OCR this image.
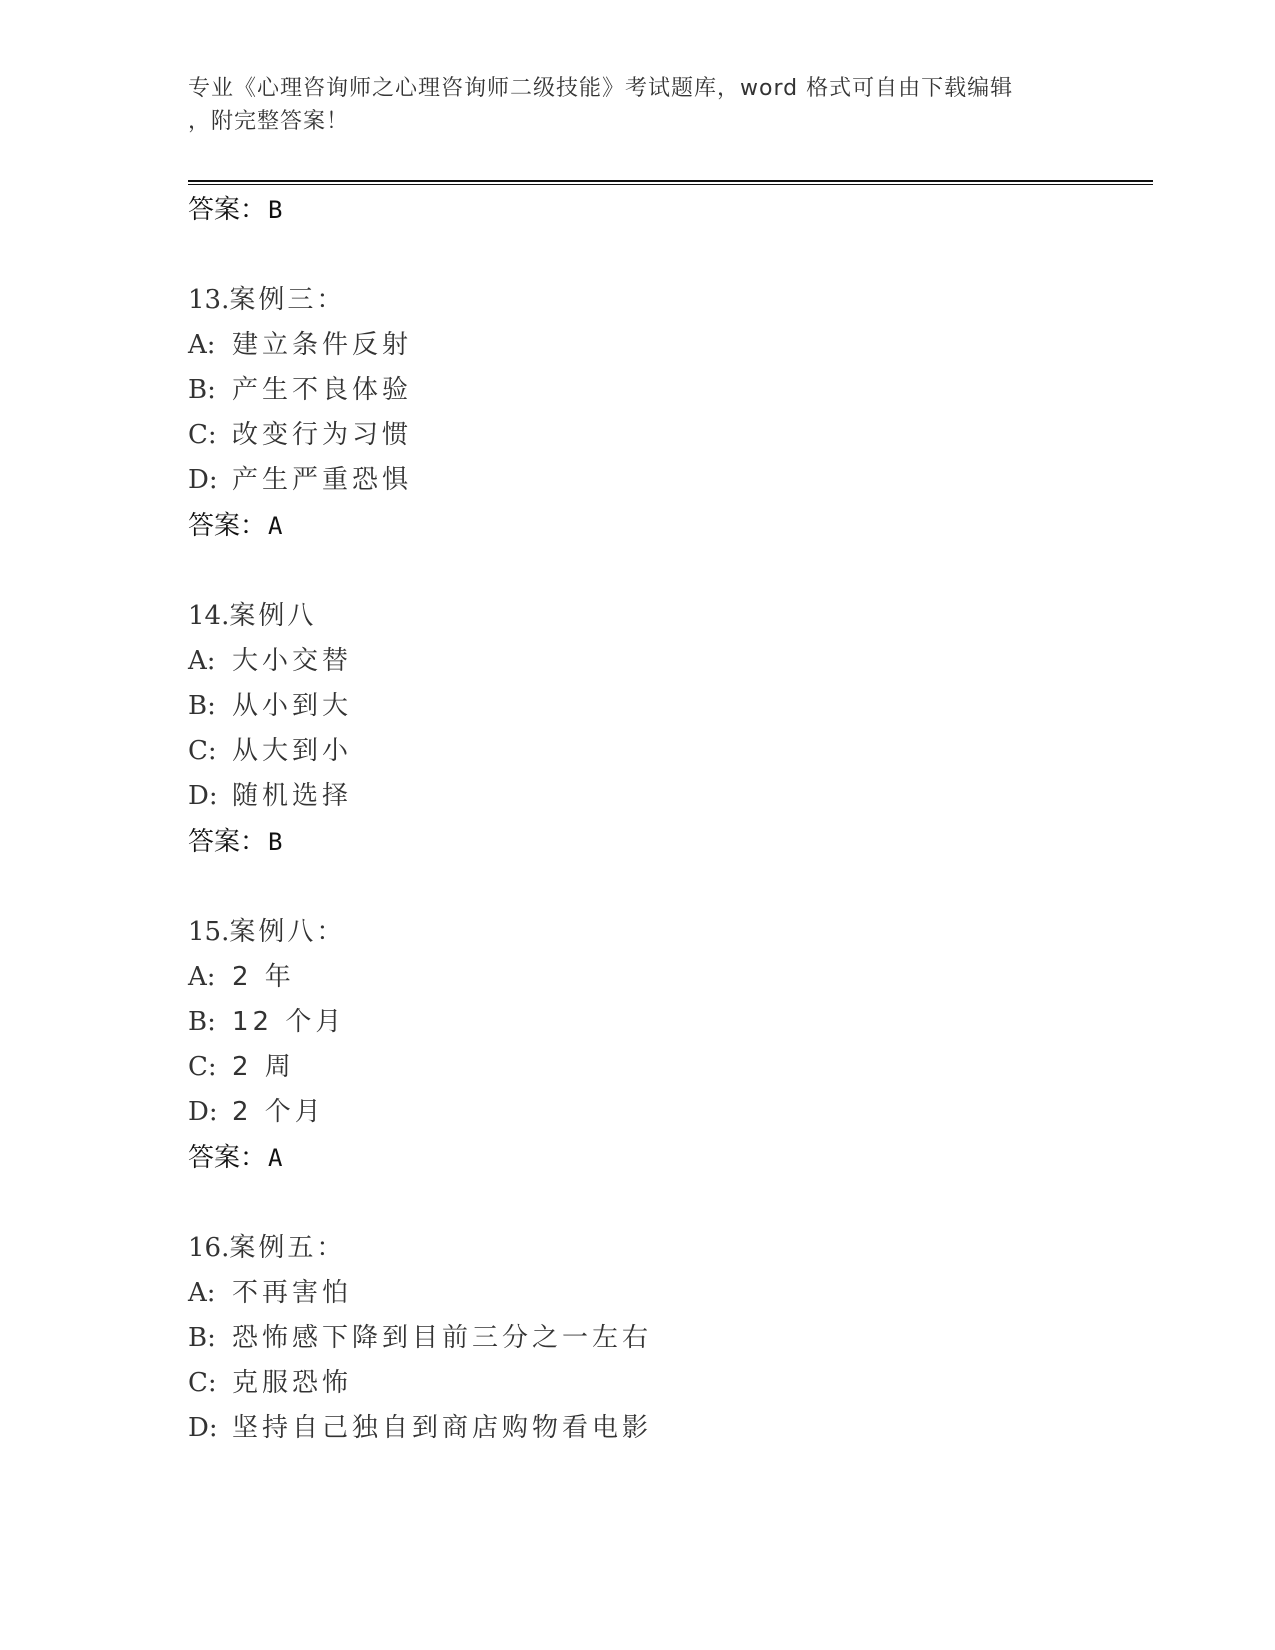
专业《心理咨询师之心理咨询师二级技能》考试题库，word 格式可自由下载编辑
，附完整答案！
答案：B
13.案例三：
A: 建立条件反射
B: 产生不良体验
C: 改变行为习惯
D: 产生严重恐惧
答案：A
14.案例八
A: 大小交替
B: 从小到大
C: 从大到小
D: 随机选择
答案：B
15.案例八：
A: 2 年
B: 12 个月
C: 2 周
D: 2 个月
答案：A
16.案例五：
A: 不再害怕
B: 恐怖感下降到目前三分之一左右
C: 克服恐怖
D: 坚持自己独自到商店购物看电影
